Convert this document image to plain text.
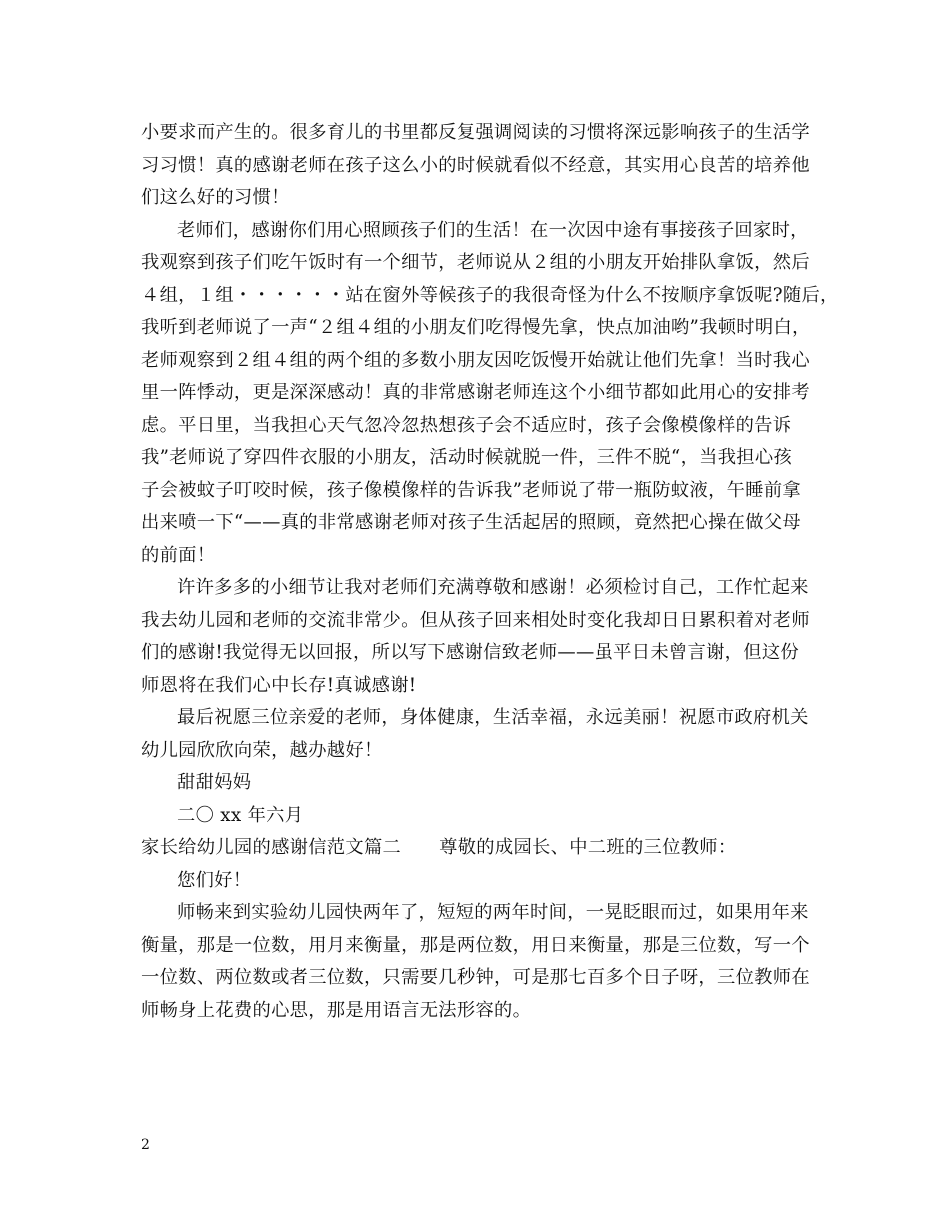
小要求而产生的。很多育儿的书里都反复强调阅读的习惯将深远影响孩子的生活学
习习惯！真的感谢老师在孩子这么小的时候就看似不经意，其实用心良苦的培养他
们这么好的习惯！
老师们，感谢你们用心照顾孩子们的生活！在一次因中途有事接孩子回家时，
我观察到孩子们吃午饭时有一个细节，老师说从２组的小朋友开始排队拿饭，然后
４组，１组・・・・・・站在窗外等候孩子的我很奇怪为什么不按顺序拿饭呢?随后，
我听到老师说了一声“２组４组的小朋友们吃得慢先拿，快点加油哟”我顿时明白，
老师观察到２组４组的两个组的多数小朋友因吃饭慢开始就让他们先拿！当时我心
里一阵悸动，更是深深感动！真的非常感谢老师连这个小细节都如此用心的安排考
虑。平日里，当我担心天气忽冷忽热想孩子会不适应时，孩子会像模像样的告诉
我”老师说了穿四件衣服的小朋友，活动时候就脱一件，三件不脱“，当我担心孩
子会被蚊子叮咬时候，孩子像模像样的告诉我”老师说了带一瓶防蚊液，午睡前拿
出来喷一下“——真的非常感谢老师对孩子生活起居的照顾，竟然把心操在做父母
的前面！
许许多多的小细节让我对老师们充满尊敬和感谢！必须检讨自己，工作忙起来
我去幼儿园和老师的交流非常少。但从孩子回来相处时变化我却日日累积着对老师
们的感谢!我觉得无以回报，所以写下感谢信致老师——虽平日未曾言谢，但这份
师恩将在我们心中长存!真诚感谢!
最后祝愿三位亲爱的老师，身体健康，生活幸福，永远美丽！祝愿市政府机关
幼儿园欣欣向荣，越办越好！
甜甜妈妈
二〇 xx 年六月
家长给幼儿园的感谢信范文篇二 尊敬的成园长、中二班的三位教师：
您们好！
师畅来到实验幼儿园快两年了，短短的两年时间，一晃眨眼而过，如果用年来
衡量，那是一位数，用月来衡量，那是两位数，用日来衡量，那是三位数，写一个
一位数、两位数或者三位数，只需要几秒钟，可是那七百多个日子呀，三位教师在
师畅身上花费的心思，那是用语言无法形容的。
2
